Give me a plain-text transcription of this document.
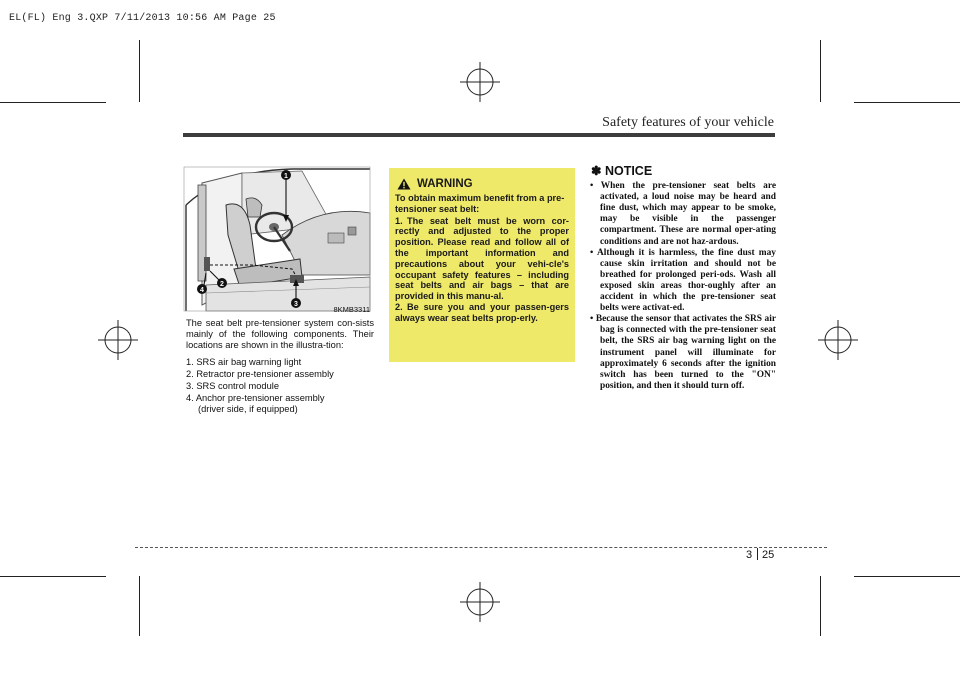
EL(FL) Eng 3.QXP 7/11/2013 10:56 AM Page 25
Safety features of your vehicle
1
2
3
4
8KMB3311

The seat belt pre-tensioner system con-sists mainly of the following components. Their locations are shown in the illustra-tion:

1. SRS air bag warning light
2. Retractor pre-tensioner assembly
3. SRS control module
4. Anchor pre-tensioner assembly
(driver side, if equipped)
WARNING

To obtain maximum benefit from a pre-tensioner seat belt:

1. The seat belt must be worn cor-rectly and adjusted to the proper position. Please read and follow all of the important information and precautions about your vehi-cle's occupant safety features – including seat belts and air bags – that are provided in this manu-al.
2. Be sure you and your passen-gers always wear seat belts prop-erly.
✽ NOTICE
• When the pre-tensioner seat belts are activated, a loud noise may be heard and fine dust, which may appear to be smoke, may be visible in the passenger compartment. These are normal oper-ating conditions and are not haz-ardous.
• Although it is harmless, the fine dust may cause skin irritation and should not be breathed for prolonged peri-ods. Wash all exposed skin areas thor-oughly after an accident in which the pre-tensioner seat belts were activat-ed.
• Because the sensor that activates the SRS air bag is connected with the pre-tensioner seat belt, the SRS air bag warning light on the instrument panel will illuminate for approximately 6 seconds after the ignition switch has been turned to the "ON" position, and then it should turn off.
3 25
